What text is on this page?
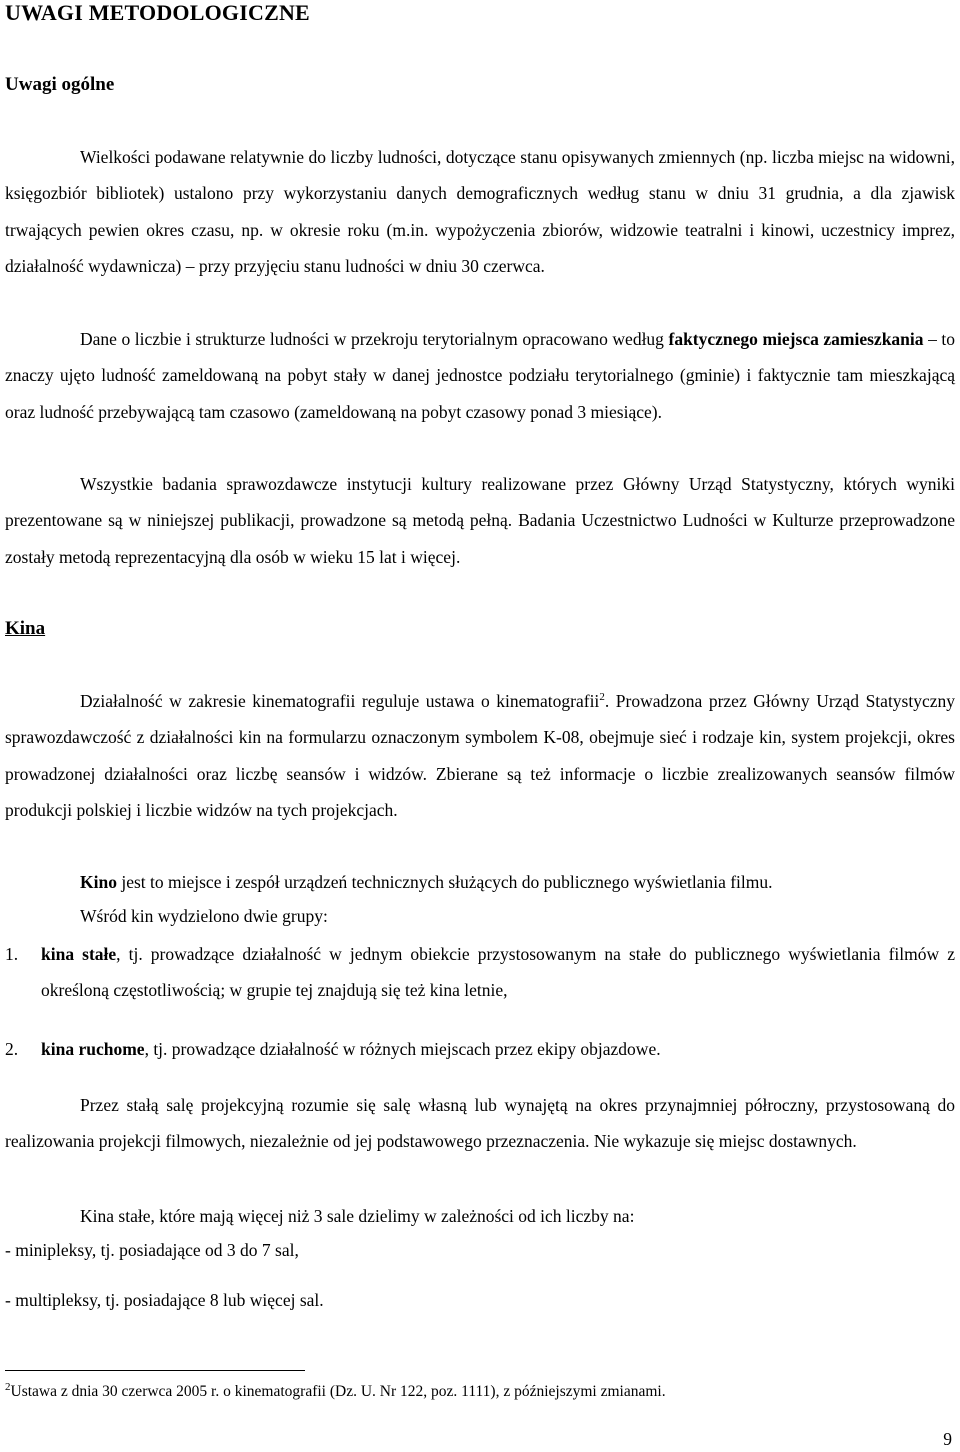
UWAGI METODOLOGICZNE
Uwagi ogólne

Wielkości podawane relatywnie do liczby ludności, dotyczące stanu opisywanych zmiennych (np. liczba miejsc na widowni, księgozbiór bibliotek) ustalono przy wykorzystaniu danych demograficznych według stanu w dniu 31 grudnia, a dla zjawisk trwających pewien okres czasu, np. w okresie roku (m.in. wypożyczenia zbiorów, widzowie teatralni i kinowi, uczestnicy imprez, działalność wydawnicza) – przy przyjęciu stanu ludności w dniu 30 czerwca.

Dane o liczbie i strukturze ludności w przekroju terytorialnym opracowano według faktycznego miejsca zamieszkania – to znaczy ujęto ludność zameldowaną na pobyt stały w danej jednostce podziału terytorialnego (gminie) i faktycznie tam mieszkającą oraz ludność przebywającą tam czasowo (zameldowaną na pobyt czasowy ponad 3 miesiące).

Wszystkie badania sprawozdawcze instytucji kultury realizowane przez Główny Urząd Statystyczny, których wyniki prezentowane są w niniejszej publikacji, prowadzone są metodą pełną. Badania Uczestnictwo Ludności w Kulturze przeprowadzone zostały metodą reprezentacyjną dla osób w wieku 15 lat i więcej.

Kina

Działalność w zakresie kinematografii reguluje ustawa o kinematografii$^2$. Prowadzona przez Główny Urząd Statystyczny sprawozdawczość z działalności kin na formularzu oznaczonym symbolem K-08, obejmuje sieć i rodzaje kin, system projekcji, okres prowadzonej działalności oraz liczbę seansów i widzów. Zbierane są też informacje o liczbie zrealizowanych seansów filmów produkcji polskiej i liczbie widzów na tych projekcjach.

Kino jest to miejsce i zespół urządzeń technicznych służących do publicznego wyświetlania filmu.

Wśród kin wydzielono dwie grupy:

1. kina stałe, tj. prowadzące działalność w jednym obiekcie przystosowanym na stałe do publicznego wyświetlania filmów z określoną częstotliwością; w grupie tej znajdują się też kina letnie,
2. kina ruchome, tj. prowadzące działalność w różnych miejscach przez ekipy objazdowe.

Przez stałą salę projekcyjną rozumie się salę własną lub wynajętą na okres przynajmniej półroczny, przystosowaną do realizowania projekcji filmowych, niezależnie od jej podstawowego przeznaczenia. Nie wykazuje się miejsc dostawnych.

Kina stałe, które mają więcej niż 3 sale dzielimy w zależności od ich liczby na:

- minipleksy, tj. posiadające od 3 do 7 sal,
- multipleksy, tj. posiadające 8 lub więcej sal.
$^2$Ustawa z dnia 30 czerwca 2005 r. o kinematografii (Dz. U. Nr 122, poz. 1111), z późniejszymi zmianami.
9
